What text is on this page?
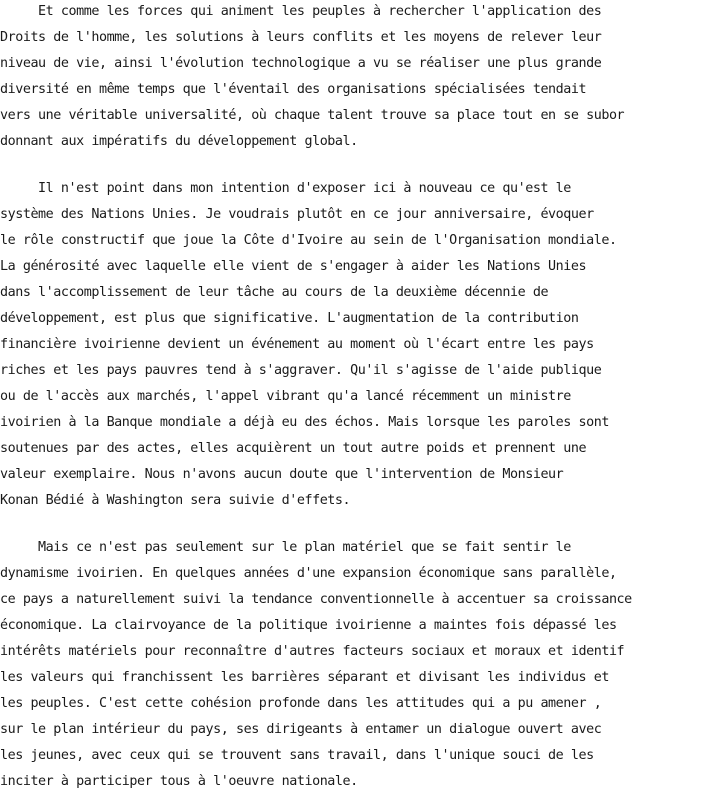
Et comme les forces qui animent les peuples à rechercher l'application des
Droits de l'homme, les solutions à leurs conflits et les moyens de relever leur
niveau de vie, ainsi l'évolution technologique a vu se réaliser une plus grande
diversité en même temps que l'éventail des organisations spécialisées tendait
vers une véritable universalité, où chaque talent trouve sa place tout en se subor
donnant aux impératifs du développement global.
Il n'est point dans mon intention d'exposer ici à nouveau ce qu'est le
système des Nations Unies. Je voudrais plutôt en ce jour anniversaire, évoquer
le rôle constructif que joue la Côte d'Ivoire au sein de l'Organisation mondiale.
La générosité avec laquelle elle vient de s'engager à aider les Nations Unies
dans l'accomplissement de leur tâche au cours de la deuxième décennie de
développement, est plus que significative. L'augmentation de la contribution
financière ivoirienne devient un événement au moment où l'écart entre les pays
riches et les pays pauvres tend à s'aggraver. Qu'il s'agisse de l'aide publique
ou de l'accès aux marchés, l'appel vibrant qu'a lancé récemment un ministre
ivoirien à la Banque mondiale a déjà eu des échos. Mais lorsque les paroles sont
soutenues par des actes, elles acquièrent un tout autre poids et prennent une
valeur exemplaire. Nous n'avons aucun doute que l'intervention de Monsieur
Konan Bédié à Washington sera suivie d'effets.
Mais ce n'est pas seulement sur le plan matériel que se fait sentir le
dynamisme ivoirien. En quelques années d'une expansion économique sans parallèle,
ce pays a naturellement suivi la tendance conventionnelle à accentuer sa croissance
économique. La clairvoyance de la politique ivoirienne a maintes fois dépassé les
intérêts matériels pour reconnaître d'autres facteurs sociaux et moraux et identif
les valeurs qui franchissent les barrières séparant et divisant les individus et
les peuples. C'est cette cohésion profonde dans les attitudes qui a pu amener ,
sur le plan intérieur du pays, ses dirigeants à entamer un dialogue ouvert avec
les jeunes, avec ceux qui se trouvent sans travail, dans l'unique souci de les
inciter à participer tous à l'oeuvre nationale.
